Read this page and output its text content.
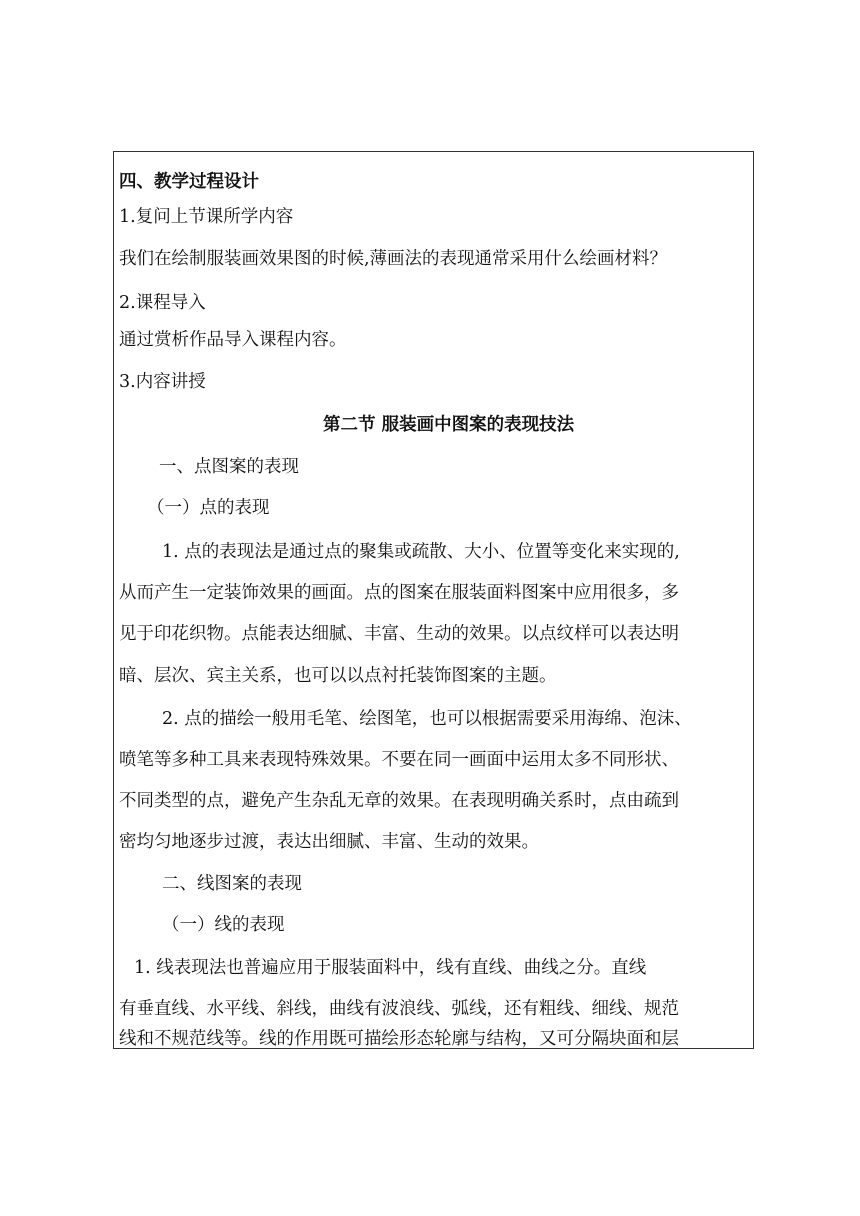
四、教学过程设计

1.复问上节课所学内容

我们在绘制服装画效果图的时候,薄画法的表现通常采用什么绘画材料？

2.课程导入

通过赏析作品导入课程内容。

3.内容讲授

第二节 服装画中图案的表现技法

一、点图案的表现

（一）点的表现

1. 点的表现法是通过点的聚集或疏散、大小、位置等变化来实现的,

从而产生一定装饰效果的画面。点的图案在服装面料图案中应用很多，多

见于印花织物。点能表达细腻、丰富、生动的效果。以点纹样可以表达明

暗、层次、宾主关系，也可以以点衬托装饰图案的主题。

2. 点的描绘一般用毛笔、绘图笔，也可以根据需要采用海绵、泡沫、

喷笔等多种工具来表现特殊效果。不要在同一画面中运用太多不同形状、

不同类型的点，避免产生杂乱无章的效果。在表现明确关系时，点由疏到

密均匀地逐步过渡，表达出细腻、丰富、生动的效果。

二、线图案的表现

（一）线的表现

1. 线表现法也普遍应用于服装面料中，线有直线、曲线之分。直线

有垂直线、水平线、斜线，曲线有波浪线、弧线，还有粗线、细线、规范

线和不规范线等。线的作用既可描绘形态轮廓与结构，又可分隔块面和层
